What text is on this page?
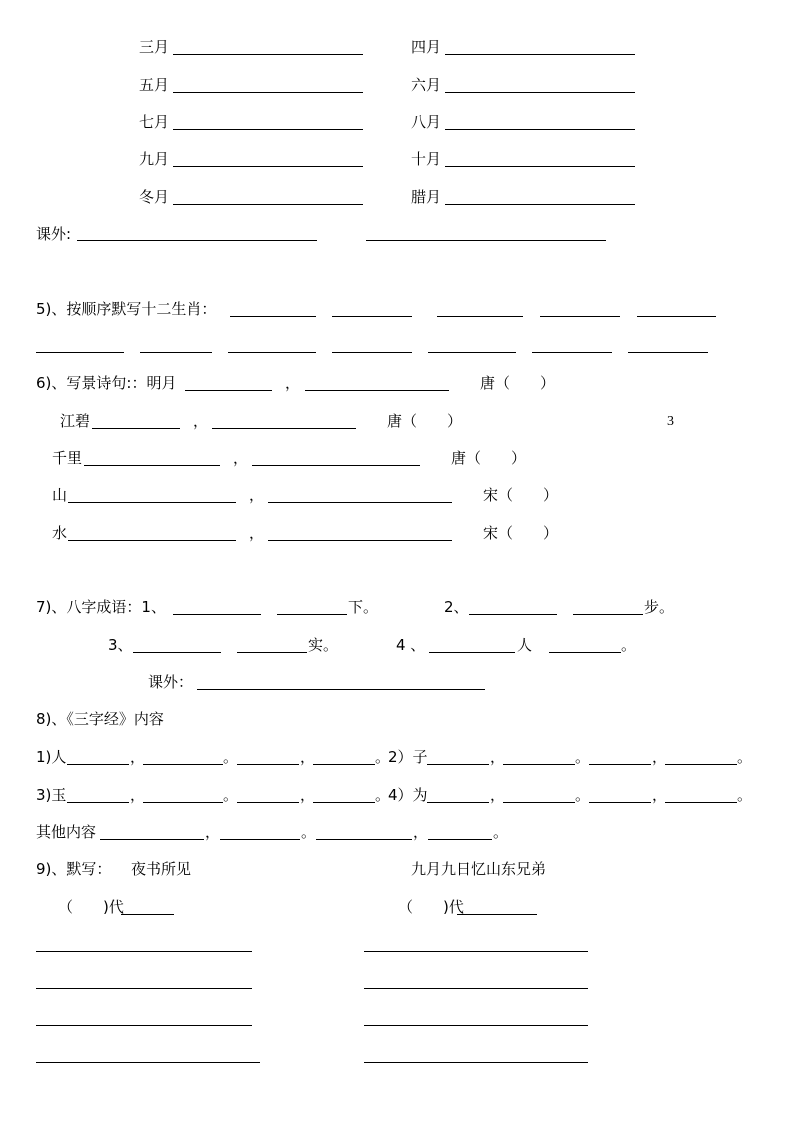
三月	四月
五月	六月
七月	八月
九月	十月
冬月	腊月
课外:
5)、按顺序默写十二生肖：
6)、写景诗句:：明月	，	唐（　　）
江碧	，	唐（　　）	3
千里	，	唐（　　）
山	，	宋（　　）
水	，	宋（　　）
7)、八字成语：1、	下。	2、	步。
3、	实。	4 、	人	。
课外：
8)、《三字经》内容
1)人	，	。	，	。
2）子	，	。	，	。
3)玉	，	。	，	。
4）为	，	。	，	。
其他内容	，	。	，	。
9)、默写： 夜书所见	九月九日忆山东兄弟
（　　)代	（　　)代
